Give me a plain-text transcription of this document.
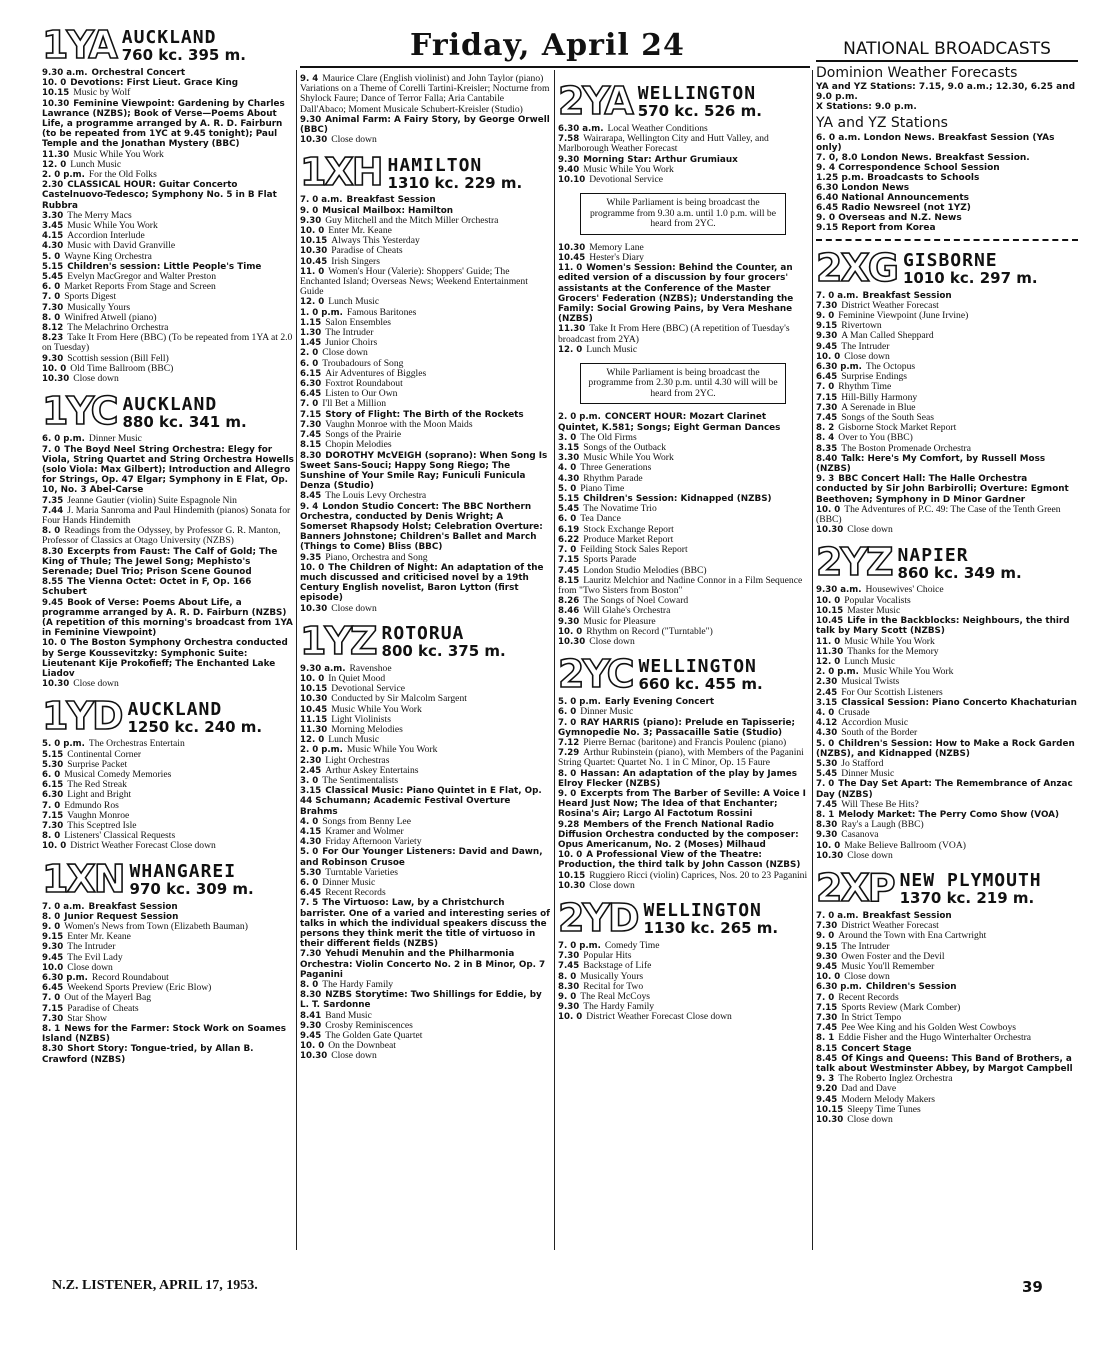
Friday, April 24
1YA AUCKLAND
760 kc. 395 m.
9.30 a.m. Orchestral Concert
10. 0 Devotions: First Lieut. Grace King
10.15 Music by Wolf
10.30 Feminine Viewpoint: Gardening by Charles Lawrance (NZBS); Book of Verse—Poems About Life, a programme arranged by A. R. D. Fairburn (to be repeated from 1YC at 9.45 tonight); Paul Temple and the Jonathan Mystery (BBC)
11.30 Music While You Work
12. 0 Lunch Music
2. 0 p.m. For the Old Folks
2.30 CLASSICAL HOUR: Guitar Concerto Castelnuovo-Tedesco; Symphony No. 5 in B Flat Rubbra
3.30 The Merry Macs
3.45 Music While You Work
4.15 Accordion Interlude
4.30 Music with David Granville
5. 0 Wayne King Orchestra
5.15 Children's session: Little People's Time
5.45 Evelyn MacGregor and Walter Preston
6. 0 Market Reports From Stage and Screen
7. 0 Sports Digest
7.30 Musically Yours
8. 0 Winifred Atwell (piano)
8.12 The Melachrino Orchestra
8.23 Take It From Here (BBC) (To be repeated from 1YA at 2.0 on Tuesday)
9.30 Scottish session (Bill Fell)
10. 0 Old Time Ballroom (BBC)
10.30 Close down
1YC AUCKLAND
880 kc. 341 m.
6. 0 p.m. Dinner Music
7. 0 The Boyd Neel String Orchestra: Elegy for Viola, String Quartet and String Orchestra Howells (solo Viola: Max Gilbert); Introduction and Allegro for Strings, Op. 47 Elgar; Symphony in E Flat, Op. 10, No. 3 Abel-Carse
7.35 Jeanne Gautier (violin) Suite Espagnole Nin
7.44 J. Maria Sanroma and Paul Hindemith (pianos) Sonata for Four Hands Hindemith
8. 0 Readings from the Odyssey, by Professor G. R. Manton, Professor of Classics at Otago University (NZBS)
8.30 Excerpts from Faust: The Calf of Gold; The King of Thule; The Jewel Song; Mephisto's Serenade; Duel Trio; Prison Scene Gounod
8.55 The Vienna Octet: Octet in F, Op. 166 Schubert
9.45 Book of Verse: Poems About Life, a programme arranged by A. R. D. Fairburn (NZBS) (A repetition of this morning's broadcast from 1YA in Feminine Viewpoint)
10. 0 The Boston Symphony Orchestra conducted by Serge Koussevitzky: Symphonic Suite: Lieutenant Kije Prokofieff; The Enchanted Lake Liadov
10.30 Close down
1YD AUCKLAND
1250 kc. 240 m.
5. 0 p.m. The Orchestras Entertain
5.15 Continental Corner
5.30 Surprise Packet
6. 0 Musical Comedy Memories
6.15 The Red Streak
6.30 Light and Bright
7. 0 Edmundo Ros
7.15 Vaughn Monroe
7.30 This Sceptred Isle
8. 0 Listeners' Classical Requests
10. 0 District Weather Forecast Close down
1XN WHANGAREI
970 kc. 309 m.
7. 0 a.m. Breakfast Session
8. 0 Junior Request Session
9. 0 Women's News from Town (Elizabeth Bauman)
9.15 Enter Mr. Keane
9.30 The Intruder
9.45 The Evil Lady
10.0 Close down
6.30 p.m. Record Roundabout
6.45 Weekend Sports Preview (Eric Blow)
7. 0 Out of the Mayerl Bag
7.15 Paradise of Cheats
7.30 Star Show
8. 1 News for the Farmer: Stock Work on Soames Island (NZBS)
8.30 Short Story: Tongue-tried, by Allan B. Crawford (NZBS)
9. 4 Maurice Clare (English violinist) and John Taylor (piano) Variations on a Theme of Corelli Tartini-Kreisler; Nocturne from Shylock Faure; Dance of Terror Falla; Aria Cantabile Dall'Abaco; Moment Musicale Schubert-Kreisler (Studio)
9.30 Animal Farm: A Fairy Story, by George Orwell (BBC)
10.30 Close down
1XH HAMILTON
1310 kc. 229 m.
7. 0 a.m. Breakfast Session
9. 0 Musical Mailbox: Hamilton
9.30 Guy Mitchell and the Mitch Miller Orchestra
10. 0 Enter Mr. Keane
10.15 Always This Yesterday
10.30 Paradise of Cheats
10.45 Irish Singers
11. 0 Women's Hour (Valerie): Shoppers' Guide; The Enchanted Island; Overseas News; Weekend Entertainment Guide
12. 0 Lunch Music
1. 0 p.m. Famous Baritones
1.15 Salon Ensembles
1.30 The Intruder
1.45 Junior Choirs
2. 0 Close down
6. 0 Troubadours of Song
6.15 Air Adventures of Biggles
6.30 Foxtrot Roundabout
6.45 Listen to Our Own
7. 0 I'll Bet a Million
7.15 Story of Flight: The Birth of the Rockets
7.30 Vaughn Monroe with the Moon Maids
7.45 Songs of the Prairie
8.15 Chopin Melodies
8.30 DOROTHY McVEIGH (soprano): When Song Is Sweet Sans-Souci; Happy Song Riego; The Sunshine of Your Smile Ray; Funiculi Funicula Denza (Studio)
8.45 The Louis Levy Orchestra
9. 4 London Studio Concert: The BBC Northern Orchestra, conducted by Denis Wright; A Somerset Rhapsody Holst; Celebration Overture: Banners Johnstone; Children's Ballet and March (Things to Come) Bliss (BBC)
9.35 Piano, Orchestra and Song
10. 0 The Children of Night: An adaptation of the much discussed and criticised novel by a 19th Century English novelist, Baron Lytton (first episode)
10.30 Close down
1YZ ROTORUA
800 kc. 375 m.
9.30 a.m. Ravenshoe
10. 0 In Quiet Mood
10.15 Devotional Service
10.30 Conducted by Sir Malcolm Sargent
10.45 Music While You Work
11.15 Light Violinists
11.30 Morning Melodies
12. 0 Lunch Music
2. 0 p.m. Music While You Work
2.30 Light Orchestras
2.45 Arthur Askey Entertains
3. 0 The Sentimentalists
3.15 Classical Music: Piano Quintet in E Flat, Op. 44 Schumann; Academic Festival Overture Brahms
4. 0 Songs from Benny Lee
4.15 Kramer and Wolmer
4.30 Friday Afternoon Variety
5. 0 For Our Younger Listeners: David and Dawn, and Robinson Crusoe
5.30 Turntable Varieties
6. 0 Dinner Music
6.45 Recent Records
7. 5 The Virtuoso: Law, by a Christchurch barrister. One of a varied and interesting series of talks in which the individual speakers discuss the persons they think merit the title of virtuoso in their different fields (NZBS)
7.30 Yehudi Menuhin and the Philharmonia Orchestra: Violin Concerto No. 2 in B Minor, Op. 7 Paganini
8. 0 The Hardy Family
8.30 NZBS Storytime: Two Shillings for Eddie, by L. T. Sardonne
8.41 Band Music
9.30 Crosby Reminiscences
9.45 The Golden Gate Quartet
10. 0 On the Downbeat
10.30 Close down
2YA WELLINGTON
570 kc. 526 m.
6.30 a.m. Local Weather Conditions
7.58 Wairarapa, Wellington City and Hutt Valley, and Marlborough Weather Forecast
9.30 Morning Star: Arthur Grumiaux
9.40 Music While You Work
10.10 Devotional Service
While Parliament is being broadcast the programme from 9.30 a.m. until 1.0 p.m. will be heard from 2YC.
10.30 Memory Lane
10.45 Hester's Diary
11. 0 Women's Session: Behind the Counter, an edited version of a discussion by four grocers' assistants at the Conference of the Master Grocers' Federation (NZBS); Understanding the Family: Social Growing Pains, by Vera Meshane (NZBS)
11.30 Take It From Here (BBC) (A repetition of Tuesday's broadcast from 2YA)
12. 0 Lunch Music
While Parliament is being broadcast the programme from 2.30 p.m. until 4.30 will will be heard from 2YC.
2. 0 p.m. CONCERT HOUR: Mozart Clarinet Quintet, K.581; Songs; Eight German Dances
3. 0 The Old Firms
3.15 Songs of the Outback
3.30 Music While You Work
4. 0 Three Generations
4.30 Rhythm Parade
5. 0 Piano Time
5.15 Children's Session: Kidnapped (NZBS)
5.45 The Novatime Trio
6. 0 Tea Dance
6.19 Stock Exchange Report
6.22 Produce Market Report
7. 0 Feilding Stock Sales Report
7.15 Sports Parade
7.45 London Studio Melodies (BBC)
8.15 Lauritz Melchior and Nadine Connor in a Film Sequence from "Two Sisters from Boston"
8.26 The Songs of Noel Coward
8.46 Will Glahe's Orchestra
9.30 Music for Pleasure
10. 0 Rhythm on Record ("Turntable")
10.30 Close down
2YC WELLINGTON
660 kc. 455 m.
5. 0 p.m. Early Evening Concert
6. 0 Dinner Music
7. 0 RAY HARRIS (piano): Prelude en Tapisserie; Gymnopedie No. 3; Passacaille Satie (Studio)
7.12 Pierre Bernac (baritone) and Francis Poulenc (piano)
7.29 Arthur Rubinstein (piano), with Members of the Paganini String Quartet: Quartet No. 1 in C Minor, Op. 15 Faure
8. 0 Hassan: An adaptation of the play by James Elroy Flecker (NZBS)
9. 0 Excerpts from The Barber of Seville: A Voice I Heard Just Now; The Idea of that Enchanter; Rosina's Air; Largo Al Factotum Rossini
9.28 Members of the French National Radio Diffusion Orchestra conducted by the composer: Opus Americanum, No. 2 (Moses) Milhaud
10. 0 A Professional View of the Theatre: Production, the third talk by John Casson (NZBS)
10.15 Ruggiero Ricci (violin) Caprices, Nos. 20 to 23 Paganini
10.30 Close down
2YD WELLINGTON
1130 kc. 265 m.
7. 0 p.m. Comedy Time
7.30 Popular Hits
7.45 Backstage of Life
8. 0 Musically Yours
8.30 Recital for Two
9. 0 The Real McCoys
9.30 The Hardy Family
10. 0 District Weather Forecast Close down
NATIONAL BROADCASTS
Dominion Weather Forecasts
YA and YZ Stations: 7.15, 9.0 a.m.; 12.30, 6.25 and 9.0 p.m.
X Stations: 9.0 p.m.
YA and YZ Stations
6. 0 a.m. London News. Breakfast Session (YAs only)
7. 0, 8.0 London News. Breakfast Session.
9. 4 Correspondence School Session
1.25 p.m. Broadcasts to Schools
6.30 London News
6.40 National Announcements
6.45 Radio Newsreel (not 1YZ)
9. 0 Overseas and N.Z. News
9.15 Report from Korea
2XG GISBORNE
1010 kc. 297 m.
7. 0 a.m. Breakfast Session
7.30 District Weather Forecast
9. 0 Feminine Viewpoint (June Irvine)
9.15 Rivertown
9.30 A Man Called Sheppard
9.45 The Intruder
10. 0 Close down
6.30 p.m. The Octopus
6.45 Surprise Endings
7. 0 Rhythm Time
7.15 Hill-Billy Harmony
7.30 A Serenade in Blue
7.45 Songs of the South Seas
8. 2 Gisborne Stock Market Report
8. 4 Over to You (BBC)
8.35 The Boston Promenade Orchestra
8.40 Talk: Here's My Comfort, by Russell Moss (NZBS)
9. 3 BBC Concert Hall: The Halle Orchestra conducted by Sir John Barbirolli; Overture: Egmont Beethoven; Symphony in D Minor Gardner
10. 0 The Adventures of P.C. 49: The Case of the Tenth Green (BBC)
10.30 Close down
2YZ NAPIER
860 kc. 349 m.
9.30 a.m. Housewives' Choice
10. 0 Popular Vocalists
10.15 Master Music
10.45 Life in the Backblocks: Neighbours, the third talk by Mary Scott (NZBS)
11. 0 Music While You Work
11.30 Thanks for the Memory
12. 0 Lunch Music
2. 0 p.m. Music While You Work
2.30 Musical Twists
2.45 For Our Scottish Listeners
3.15 Classical Session: Piano Concerto Khachaturian
4. 0 Crusade
4.12 Accordion Music
4.30 South of the Border
5. 0 Children's Session: How to Make a Rock Garden (NZBS), and Kidnapped (NZBS)
5.30 Jo Stafford
5.45 Dinner Music
7. 0 The Day Set Apart: The Remembrance of Anzac Day (NZBS)
7.45 Will These Be Hits?
8. 1 Melody Market: The Perry Como Show (VOA)
8.30 Ray's a Laugh (BBC)
9.30 Casanova
10. 0 Make Believe Ballroom (VOA)
10.30 Close down
2XP NEW PLYMOUTH
1370 kc. 219 m.
7. 0 a.m. Breakfast Session
7.30 District Weather Forecast
9. 0 Around the Town with Ena Cartwright
9.15 The Intruder
9.30 Owen Foster and the Devil
9.45 Music You'll Remember
10. 0 Close down
6.30 p.m. Children's Session
7. 0 Recent Records
7.15 Sports Review (Mark Comber)
7.30 In Strict Tempo
7.45 Pee Wee King and his Golden West Cowboys
8. 1 Eddie Fisher and the Hugo Winterhalter Orchestra
8.15 Concert Stage
8.45 Of Kings and Queens: This Band of Brothers, a talk about Westminster Abbey, by Margot Campbell
9. 3 The Roberto Inglez Orchestra
9.20 Dad and Dave
9.45 Modern Melody Makers
10.15 Sleepy Time Tunes
10.30 Close down
N.Z. LISTENER, APRIL 17, 1953.	39
